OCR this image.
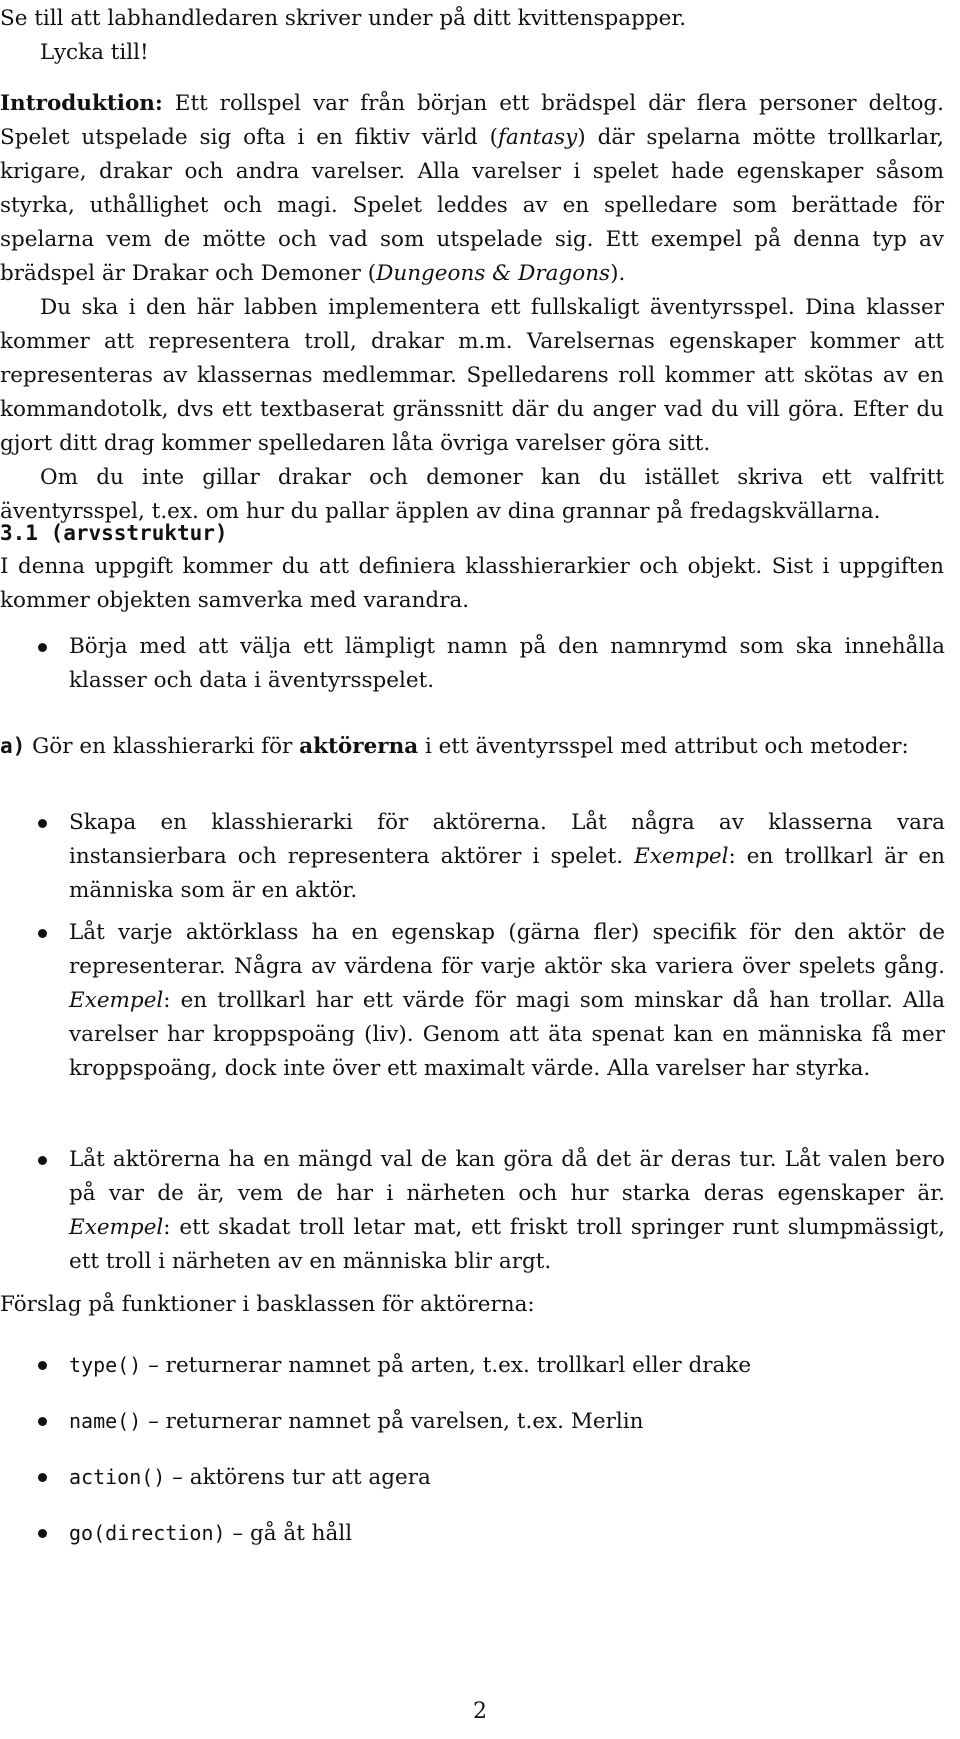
Se till att labhandledaren skriver under på ditt kvittenspapper.

Lycka till!

Introduktion: Ett rollspel var från början ett brädspel där flera personer deltog. Spelet utspelade sig ofta i en fiktiv värld (fantasy) där spelarna mötte trollkarlar, krigare, drakar och andra varelser. Alla varelser i spelet hade egenskaper såsom styrka, uthållighet och magi. Spelet leddes av en spelledare som berättade för spelarna vem de mötte och vad som utspelade sig. Ett exempel på denna typ av brädspel är Drakar och Demoner (Dungeons & Dragons).

Du ska i den här labben implementera ett fullskaligt äventyrsspel. Dina klasser kommer att representera troll, drakar m.m. Varelsernas egenskaper kommer att representeras av klassernas medlemmar. Spelledarens roll kommer att skötas av en kommandotolk, dvs ett textbaserat gränssnitt där du anger vad du vill göra. Efter du gjort ditt drag kommer spelledaren låta övriga varelser göra sitt.

Om du inte gillar drakar och demoner kan du istället skriva ett valfritt äventyrsspel, t.ex. om hur du pallar äpplen av dina grannar på fredagskvällarna.

3.1 (arvsstruktur)

I denna uppgift kommer du att definiera klasshierarkier och objekt. Sist i uppgiften kommer objekten samverka med varandra.

Börja med att välja ett lämpligt namn på den namnrymd som ska innehålla klasser och data i äventyrsspelet.

a) Gör en klasshierarki för aktörerna i ett äventyrsspel med attribut och metoder:

Skapa en klasshierarki för aktörerna. Låt några av klasserna vara instansierbara och representera aktörer i spelet. Exempel: en trollkarl är en människa som är en aktör.
Låt varje aktörklass ha en egenskap (gärna fler) specifik för den aktör de representerar. Några av värdena för varje aktör ska variera över spelets gång. Exempel: en trollkarl har ett värde för magi som minskar då han trollar. Alla varelser har kroppspoäng (liv). Genom att äta spenat kan en människa få mer kroppspoäng, dock inte över ett maximalt värde. Alla varelser har styrka.
Låt aktörerna ha en mängd val de kan göra då det är deras tur. Låt valen bero på var de är, vem de har i närheten och hur starka deras egenskaper är. Exempel: ett skadat troll letar mat, ett friskt troll springer runt slumpmässigt, ett troll i närheten av en människa blir argt.

Förslag på funktioner i basklassen för aktörerna:

type() – returnerar namnet på arten, t.ex. trollkarl eller drake
name() – returnerar namnet på varelsen, t.ex. Merlin
action() – aktörens tur att agera
go(direction) – gå åt håll
2
